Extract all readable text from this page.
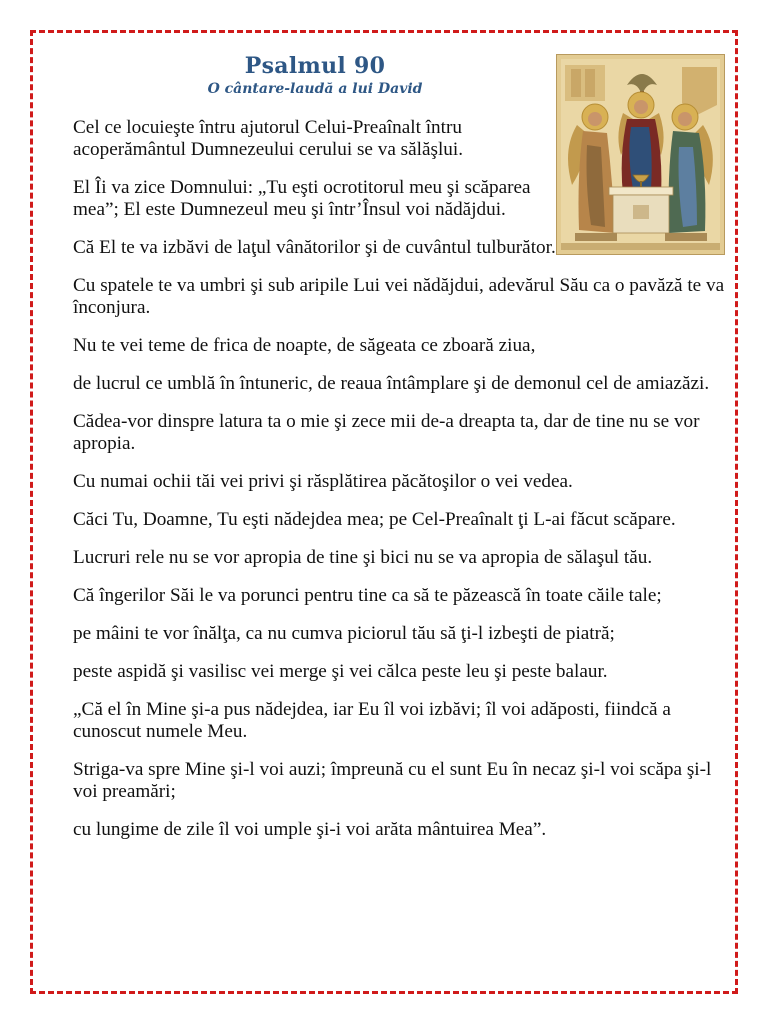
Psalmul 90
O cântare-laudă a lui David

Cel ce locuieşte întru ajutorul Celui-Preaînalt întru acoperământul Dumnezeului cerului se va sălăşlui.

El Îi va zice Domnului: „Tu eşti ocrotitorul meu şi scăparea mea”; El este Dumnezeul meu şi într’Însul voi nădăjdui.

Că El te va izbăvi de laţul vânătorilor şi de cuvântul tulburător.

Cu spatele te va umbri şi sub aripile Lui vei nădăjdui, adevărul Său ca o pavăză te va înconjura.

Nu te vei teme de frica de noapte, de săgeata ce zboară ziua,

de lucrul ce umblă în întuneric, de reaua întâmplare şi de demonul cel de amiazăzi.

Cădea-vor dinspre latura ta o mie şi zece mii de-a dreapta ta, dar de tine nu se vor apropia.

Cu numai ochii tăi vei privi şi răsplătirea păcătoşilor o vei vedea.

Căci Tu, Doamne, Tu eşti nădejdea mea; pe Cel-Preaînalt ţi L-ai făcut scăpare.

Lucruri rele nu se vor apropia de tine şi bici nu se va apropia de sălaşul tău.

Că îngerilor Săi le va porunci pentru tine ca să te păzească în toate căile tale;

pe mâini te vor înălţa, ca nu cumva piciorul tău să ţi-l izbeşti de piatră;

peste aspidă şi vasilisc vei merge şi vei călca peste leu şi peste balaur.

„Că el în Mine şi-a pus nădejdea, iar Eu îl voi izbăvi; îl voi adăposti, fiindcă a cunoscut numele Meu.

Striga-va spre Mine şi-l voi auzi; împreună cu el sunt Eu în necaz şi-l voi scăpa şi-l voi preamări;

cu lungime de zile îl voi umple şi-i voi arăta mântuirea Mea”.
